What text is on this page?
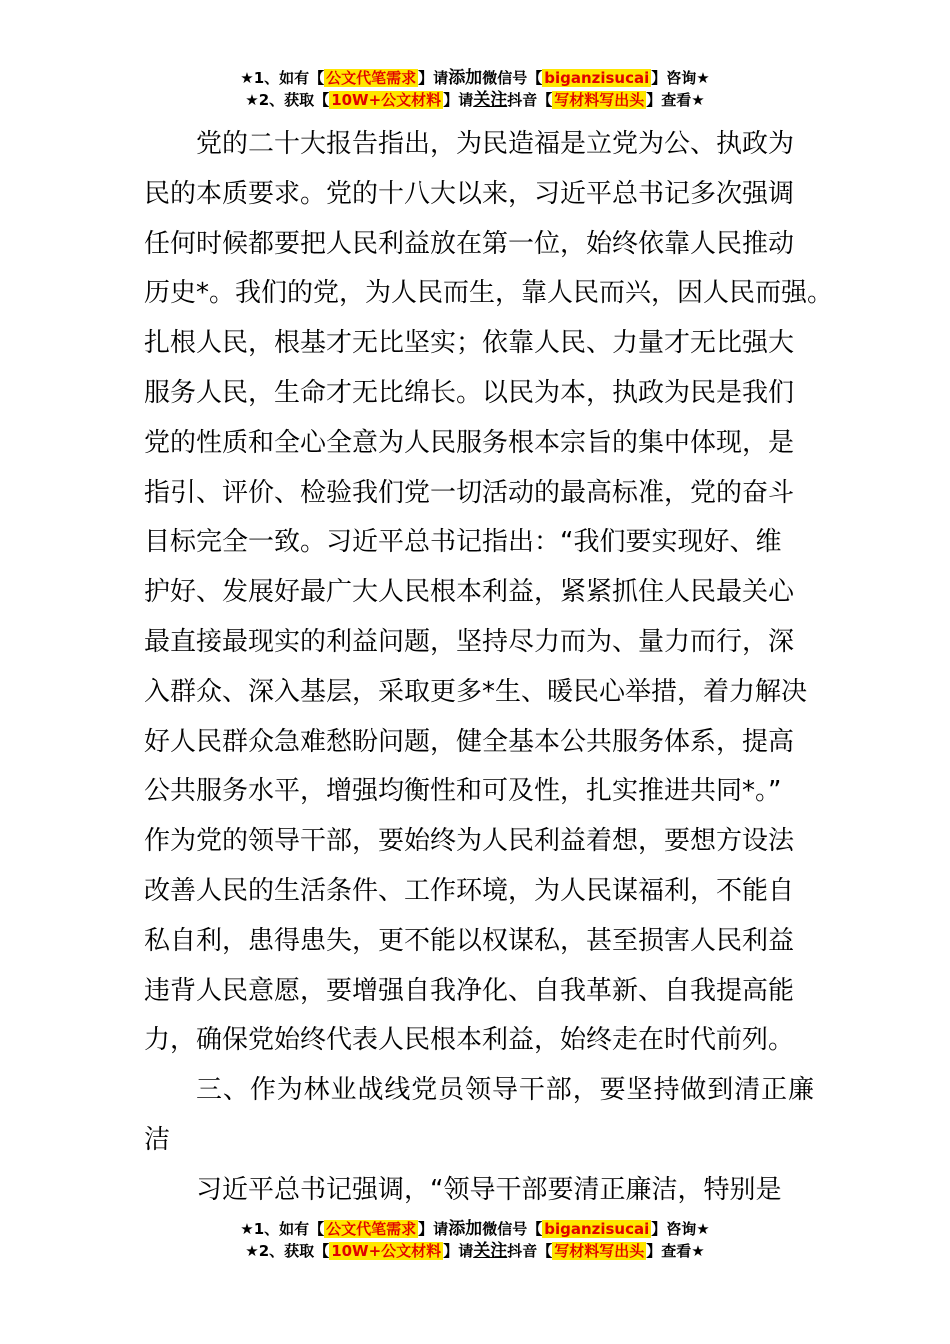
★1、如有【 公文代笔需求 】请添加微信号【 biganzisucai 】咨询★
★2、获取【 10W+公文材料 】请关注抖音【 写材料写出头 】查看★

党的二十大报告指出，为民造福是立党为公、执政为

民的本质要求。党的十八大以来，习近平总书记多次强调

任何时候都要把人民利益放在第一位，始终依靠人民推动

历史*。我们的党，为人民而生，靠人民而兴，因人民而强。

扎根人民，根基才无比坚实；依靠人民、力量才无比强大

服务人民，生命才无比绵长。以民为本，执政为民是我们

党的性质和全心全意为人民服务根本宗旨的集中体现，是

指引、评价、检验我们党一切活动的最高标准，党的奋斗

目标完全一致。习近平总书记指出：“我们要实现好、维

护好、发展好最广大人民根本利益，紧紧抓住人民最关心

最直接最现实的利益问题，坚持尽力而为、量力而行，深

入群众、深入基层，采取更多*生、暖民心举措，着力解决

好人民群众急难愁盼问题，健全基本公共服务体系，提高

公共服务水平，增强均衡性和可及性，扎实推进共同*。”

作为党的领导干部，要始终为人民利益着想，要想方设法

改善人民的生活条件、工作环境，为人民谋福利，不能自

私自利，患得患失，更不能以权谋私，甚至损害人民利益

违背人民意愿，要增强自我净化、自我革新、自我提高能

力，确保党始终代表人民根本利益，始终走在时代前列。

三、作为林业战线党员领导干部，要坚持做到清正廉洁

习近平总书记强调，“领导干部要清正廉洁，特别是

★1、如有【 公文代笔需求 】请添加微信号【 biganzisucai 】咨询★
★2、获取【 10W+公文材料 】请关注抖音【 写材料写出头 】查看★
